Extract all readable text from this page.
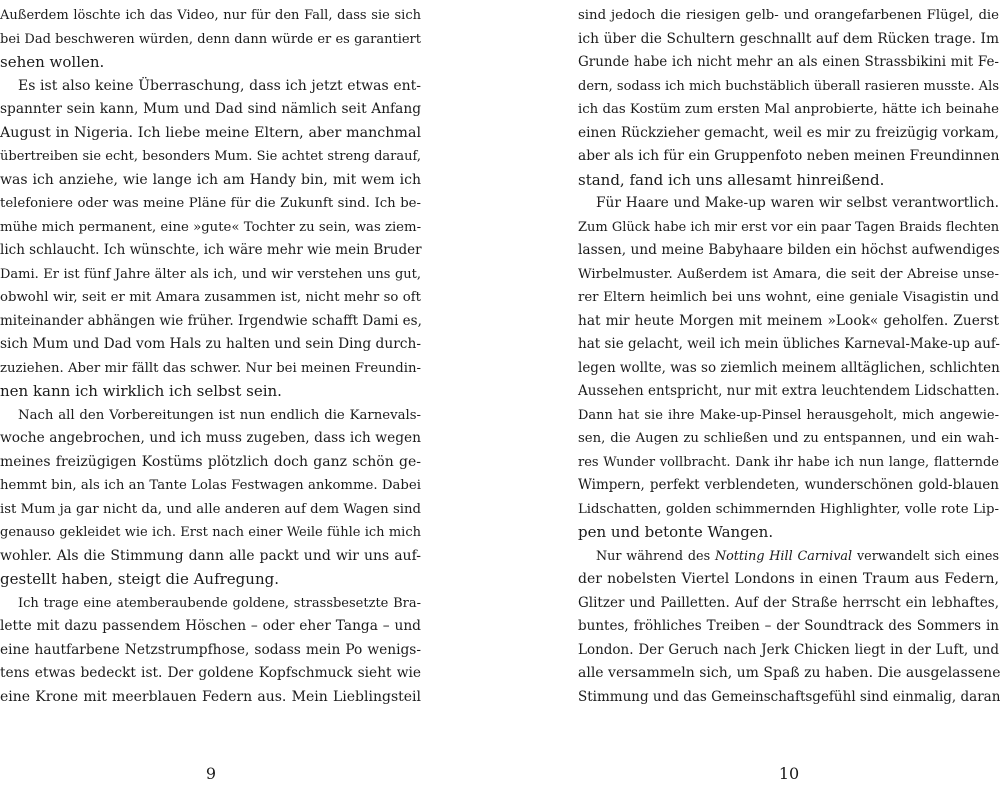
Außerdem löschte ich das Video, nur für den Fall, dass sie sich
bei Dad beschweren würden, denn dann würde er es garantiert
sehen wollen.
Es ist also keine Überraschung, dass ich jetzt etwas ent-
spannter sein kann, Mum und Dad sind nämlich seit Anfang
August in Nigeria. Ich liebe meine Eltern, aber manchmal
übertreiben sie echt, besonders Mum. Sie achtet streng darauf,
was ich anziehe, wie lange ich am Handy bin, mit wem ich
telefoniere oder was meine Pläne für die Zukunft sind. Ich be-
mühe mich permanent, eine »gute« Tochter zu sein, was ziem-
lich schlaucht. Ich wünschte, ich wäre mehr wie mein Bruder
Dami. Er ist fünf Jahre älter als ich, und wir verstehen uns gut,
obwohl wir, seit er mit Amara zusammen ist, nicht mehr so oft
miteinander abhängen wie früher. Irgendwie schafft Dami es,
sich Mum und Dad vom Hals zu halten und sein Ding durch-
zuziehen. Aber mir fällt das schwer. Nur bei meinen Freundin-
nen kann ich wirklich ich selbst sein.
Nach all den Vorbereitungen ist nun endlich die Karnevals-
woche angebrochen, und ich muss zugeben, dass ich wegen
meines freizügigen Kostüms plötzlich doch ganz schön ge-
hemmt bin, als ich an Tante Lolas Festwagen ankomme. Dabei
ist Mum ja gar nicht da, und alle anderen auf dem Wagen sind
genauso gekleidet wie ich. Erst nach einer Weile fühle ich mich
wohler. Als die Stimmung dann alle packt und wir uns auf-
gestellt haben, steigt die Aufregung.
Ich trage eine atemberaubende goldene, strassbesetzte Bra-
lette mit dazu passendem Höschen – oder eher Tanga – und
eine hautfarbene Netzstrumpfhose, sodass mein Po wenigs-
tens etwas bedeckt ist. Der goldene Kopfschmuck sieht wie
eine Krone mit meerblauen Federn aus. Mein Lieblingsteil
9
sind jedoch die riesigen gelb- und orangefarbenen Flügel, die
ich über die Schultern geschnallt auf dem Rücken trage. Im
Grunde habe ich nicht mehr an als einen Strassbikini mit Fe-
dern, sodass ich mich buchstäblich überall rasieren musste. Als
ich das Kostüm zum ersten Mal anprobierte, hätte ich beinahe
einen Rückzieher gemacht, weil es mir zu freizügig vorkam,
aber als ich für ein Gruppenfoto neben meinen Freundinnen
stand, fand ich uns allesamt hinreißend.
Für Haare und Make-up waren wir selbst verantwortlich.
Zum Glück habe ich mir erst vor ein paar Tagen Braids flechten
lassen, und meine Babyhaare bilden ein höchst aufwendiges
Wirbelmuster. Außerdem ist Amara, die seit der Abreise unse-
rer Eltern heimlich bei uns wohnt, eine geniale Visagistin und
hat mir heute Morgen mit meinem »Look« geholfen. Zuerst
hat sie gelacht, weil ich mein übliches Karneval-Make-up auf-
legen wollte, was so ziemlich meinem alltäglichen, schlichten
Aussehen entspricht, nur mit extra leuchtendem Lidschatten.
Dann hat sie ihre Make-up-Pinsel herausgeholt, mich angewie-
sen, die Augen zu schließen und zu entspannen, und ein wah-
res Wunder vollbracht. Dank ihr habe ich nun lange, flatternde
Wimpern, perfekt verblendeten, wunderschönen gold-blauen
Lidschatten, golden schimmernden Highlighter, volle rote Lip-
pen und betonte Wangen.
Nur während des Notting Hill Carnival verwandelt sich eines
der nobelsten Viertel Londons in einen Traum aus Federn,
Glitzer und Pailletten. Auf der Straße herrscht ein lebhaftes,
buntes, fröhliches Treiben – der Soundtrack des Sommers in
London. Der Geruch nach Jerk Chicken liegt in der Luft, und
alle versammeln sich, um Spaß zu haben. Die ausgelassene
Stimmung und das Gemeinschaftsgefühl sind einmalig, daran
10
